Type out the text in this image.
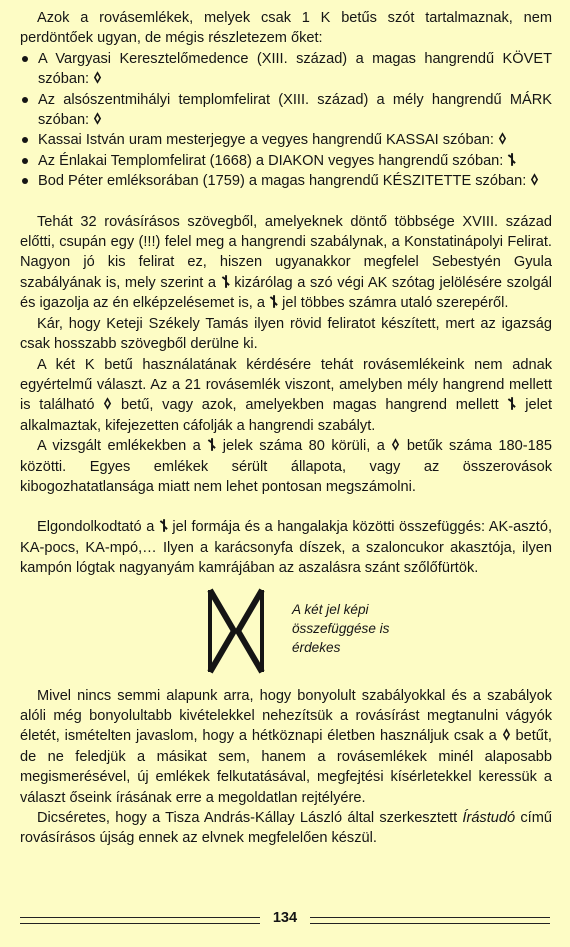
Azok a rovásemlékek, melyek csak 1 K betűs szót tartalmaznak, nem perdöntőek ugyan, de mégis részletezem őket:

A Vargyasi Keresztelőmedence (XIII. század) a magas hangrendű KÖVET szóban:
Az alsószentmihályi templomfelirat (XIII. század) a mély hangrendű MÁRK szóban:
Kassai István uram mesterjegye a vegyes hangrendű KASSAI szóban:
Az Énlakai Templomfelirat (1668) a DIAKON vegyes hangrendű szóban:
Bod Péter emléksorában (1759) a magas hangrendű KÉSZITETTE szóban:

Tehát 32 rovásírásos szövegből, amelyeknek döntő többsége XVIII. század előtti, csupán egy (!!!) felel meg a hangrendi szabálynak, a Konstatinápolyi Felirat. Nagyon jó kis felirat ez, hiszen ugyanakkor megfelel Sebestyén Gyula szabályának is, mely szerint a kizárólag a szó végi AK szótag jelölésére szolgál és igazolja az én elképzelésemet is, a jel többes számra utaló szerepéről.

Kár, hogy Keteji Székely Tamás ilyen rövid feliratot készített, mert az igazság csak hosszabb szövegből derülne ki.

A két K betű használatának kérdésére tehát rovásemlékeink nem adnak egyértelmű választ. Az a 21 rovásemlék viszont, amelyben mély hangrend mellett is található betű, vagy azok, amelyekben magas hangrend mellett jelet alkalmaztak, kifejezetten cáfolják a hangrendi szabályt.

A vizsgált emlékekben a jelek száma 80 körüli, a betűk száma 180-185 közötti. Egyes emlékek sérült állapota, vagy az összerovások kibogozhatatlansága miatt nem lehet pontosan megszámolni.

Elgondolkodtató a jel formája és a hangalakja közötti összefüggés: AK-asztó, KA-pocs, KA-mpó,… Ilyen a karácsonyfa díszek, a szaloncukor akasztója, ilyen kampón lógtak nagyanyám kamrájában az aszalásra szánt szőlőfürtök.

A két jel képi összefüggése is érdekes

Mivel nincs semmi alapunk arra, hogy bonyolult szabályokkal és a szabályok alóli még bonyolultabb kivételekkel nehezítsük a rovásírást megtanulni vágyók életét, ismételten javaslom, hogy a hétköznapi életben használjuk csak a betűt, de ne feledjük a másikat sem, hanem a rovásemlékek minél alaposabb megismerésével, új emlékek felkutatásával, megfejtési kísérletekkel keressük a választ őseink írásának erre a megoldatlan rejtélyére.

Dicséretes, hogy a Tisza András-Kállay László által szerkesztett Írástudó című rovásírásos újság ennek az elvnek megfelelően készül.

134
